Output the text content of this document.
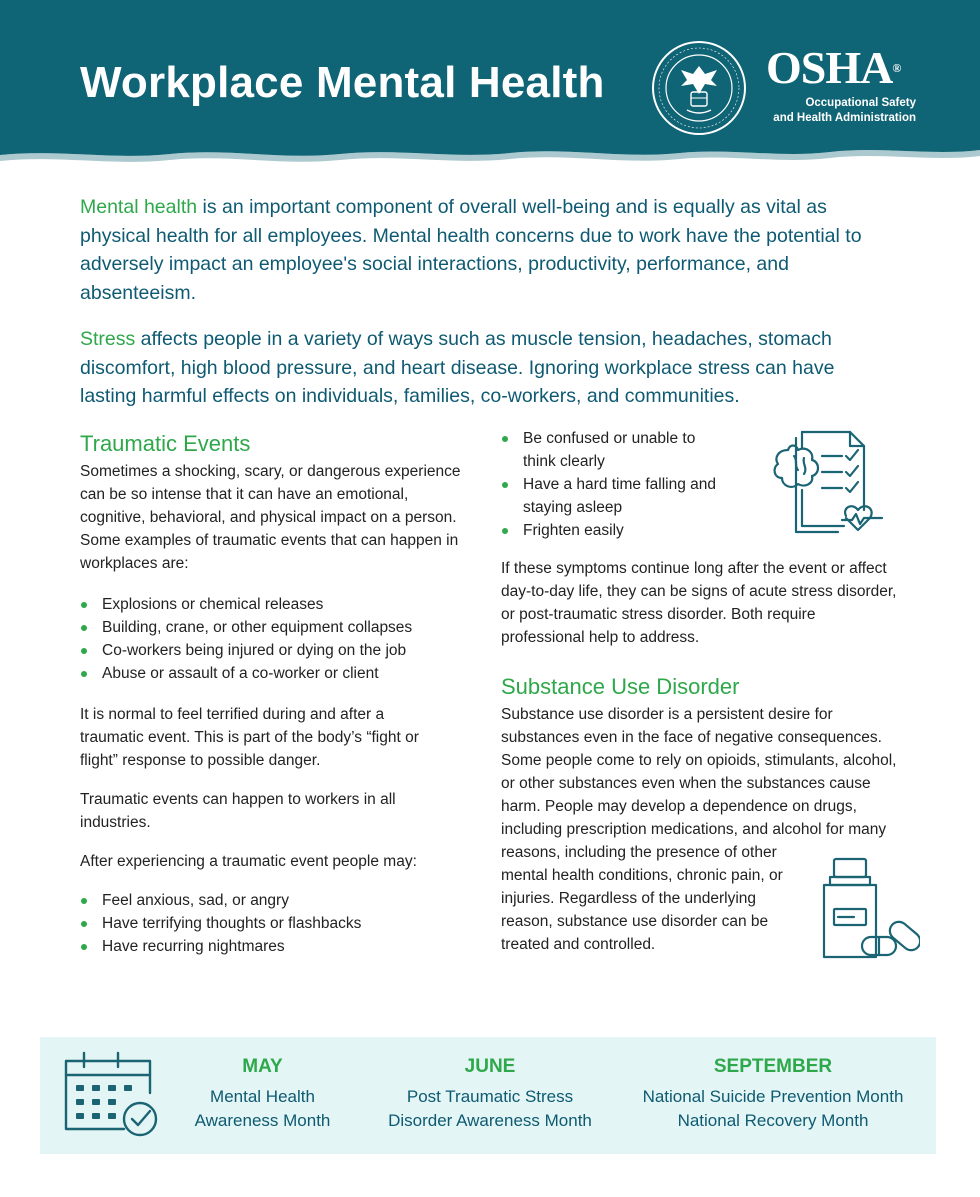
Workplace Mental Health	OSHA®
Occupational Safety
and Health Administration

Mental health is an important component of overall well-being and is equally as vital as physical health for all employees. Mental health concerns due to work have the potential to adversely impact an employee's social interactions, productivity, performance, and absenteeism.

Stress affects people in a variety of ways such as muscle tension, headaches, stomach discomfort, high blood pressure, and heart disease. Ignoring workplace stress can have lasting harmful effects on individuals, families, co-workers, and communities.

Traumatic Events

Sometimes a shocking, scary, or dangerous experience can be so intense that it can have an emotional, cognitive, behavioral, and physical impact on a person. Some examples of traumatic events that can happen in workplaces are:

Explosions or chemical releases
Building, crane, or other equipment collapses
Co-workers being injured or dying on the job
Abuse or assault of a co-worker or client

It is normal to feel terrified during and after a traumatic event. This is part of the body’s “fight or flight” response to possible danger.

Traumatic events can happen to workers in all industries.

After experiencing a traumatic event people may:

Feel anxious, sad, or angry
Have terrifying thoughts or flashbacks
Have recurring nightmares
Be confused or unable to think clearly
Have a hard time falling and staying asleep
Frighten easily

If these symptoms continue long after the event or affect day-to-day life, they can be signs of acute stress disorder, or post-traumatic stress disorder. Both require professional help to address.

Substance Use Disorder

Substance use disorder is a persistent desire for substances even in the face of negative consequences. Some people come to rely on opioids, stimulants, alcohol, or other substances even when the substances cause harm. People may develop a dependence on drugs, including prescription medications, and alcohol for many reasons, including the presence of other mental health conditions, chronic pain, or injuries. Regardless of the underlying reason, substance use disorder can be treated and controlled.

MAY
Mental Health
Awareness Month
JUNE
Post Traumatic Stress
Disorder Awareness Month
SEPTEMBER
National Suicide Prevention Month
National Recovery Month
